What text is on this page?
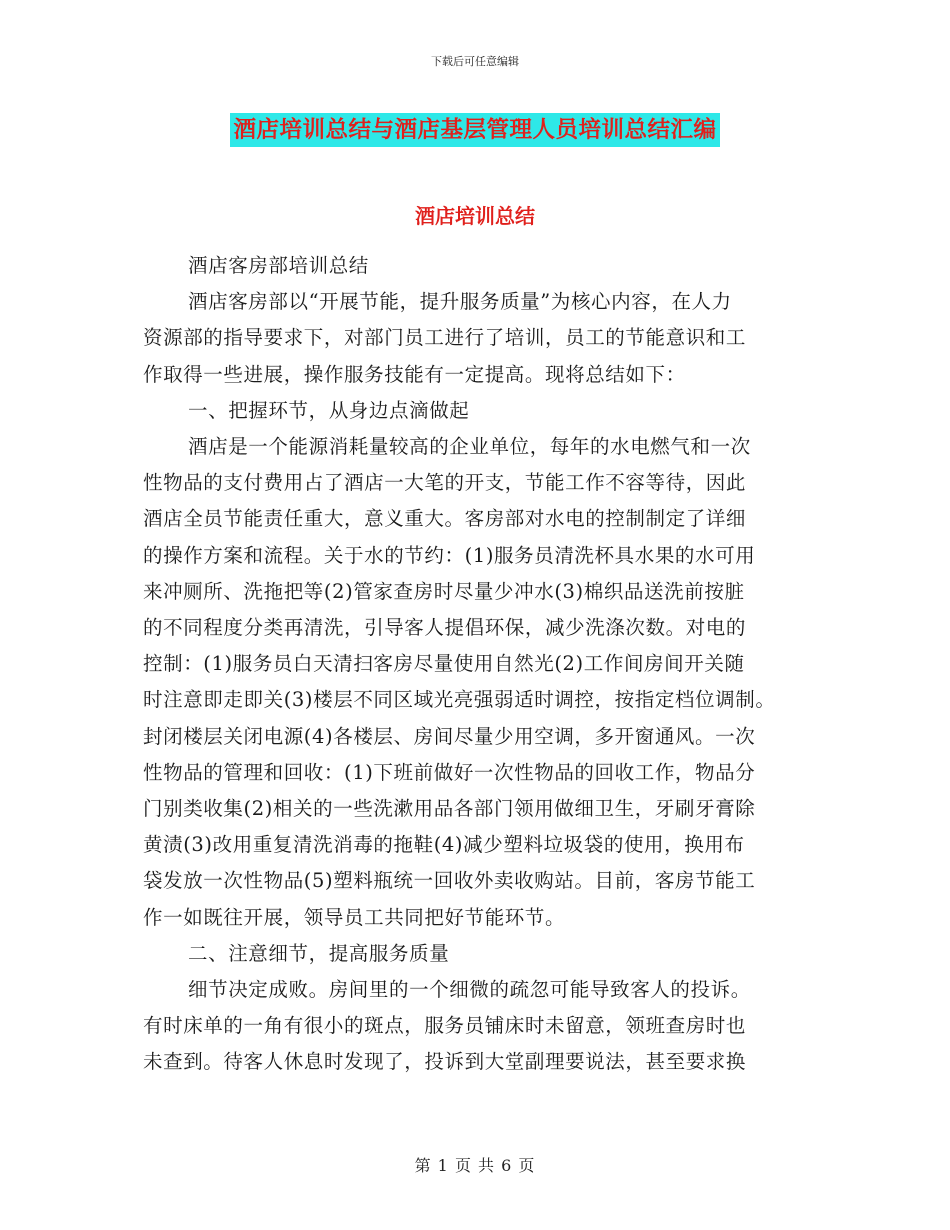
下载后可任意编辑
酒店培训总结与酒店基层管理人员培训总结汇编
酒店培训总结
酒店客房部培训总结
酒店客房部以“开展节能，提升服务质量”为核心内容，在人力
资源部的指导要求下，对部门员工进行了培训，员工的节能意识和工
作取得一些进展，操作服务技能有一定提高。现将总结如下：
一、把握环节，从身边点滴做起
酒店是一个能源消耗量较高的企业单位，每年的水电燃气和一次
性物品的支付费用占了酒店一大笔的开支，节能工作不容等待，因此
酒店全员节能责任重大，意义重大。客房部对水电的控制制定了详细
的操作方案和流程。关于水的节约：(1)服务员清洗杯具水果的水可用
来冲厕所、洗拖把等(2)管家查房时尽量少冲水(3)棉织品送洗前按脏
的不同程度分类再清洗，引导客人提倡环保，减少洗涤次数。对电的
控制：(1)服务员白天清扫客房尽量使用自然光(2)工作间房间开关随
时注意即走即关(3)楼层不同区域光亮强弱适时调控，按指定档位调制。
封闭楼层关闭电源(4)各楼层、房间尽量少用空调，多开窗通风。一次
性物品的管理和回收：(1)下班前做好一次性物品的回收工作，物品分
门别类收集(2)相关的一些洗漱用品各部门领用做细卫生，牙刷牙膏除
黄渍(3)改用重复清洗消毒的拖鞋(4)减少塑料垃圾袋的使用，换用布
袋发放一次性物品(5)塑料瓶统一回收外卖收购站。目前，客房节能工
作一如既往开展，领导员工共同把好节能环节。
二、注意细节，提高服务质量
细节决定成败。房间里的一个细微的疏忽可能导致客人的投诉。
有时床单的一角有很小的斑点，服务员铺床时未留意，领班查房时也
未查到。待客人休息时发现了，投诉到大堂副理要说法，甚至要求换
第 1 页 共 6 页
